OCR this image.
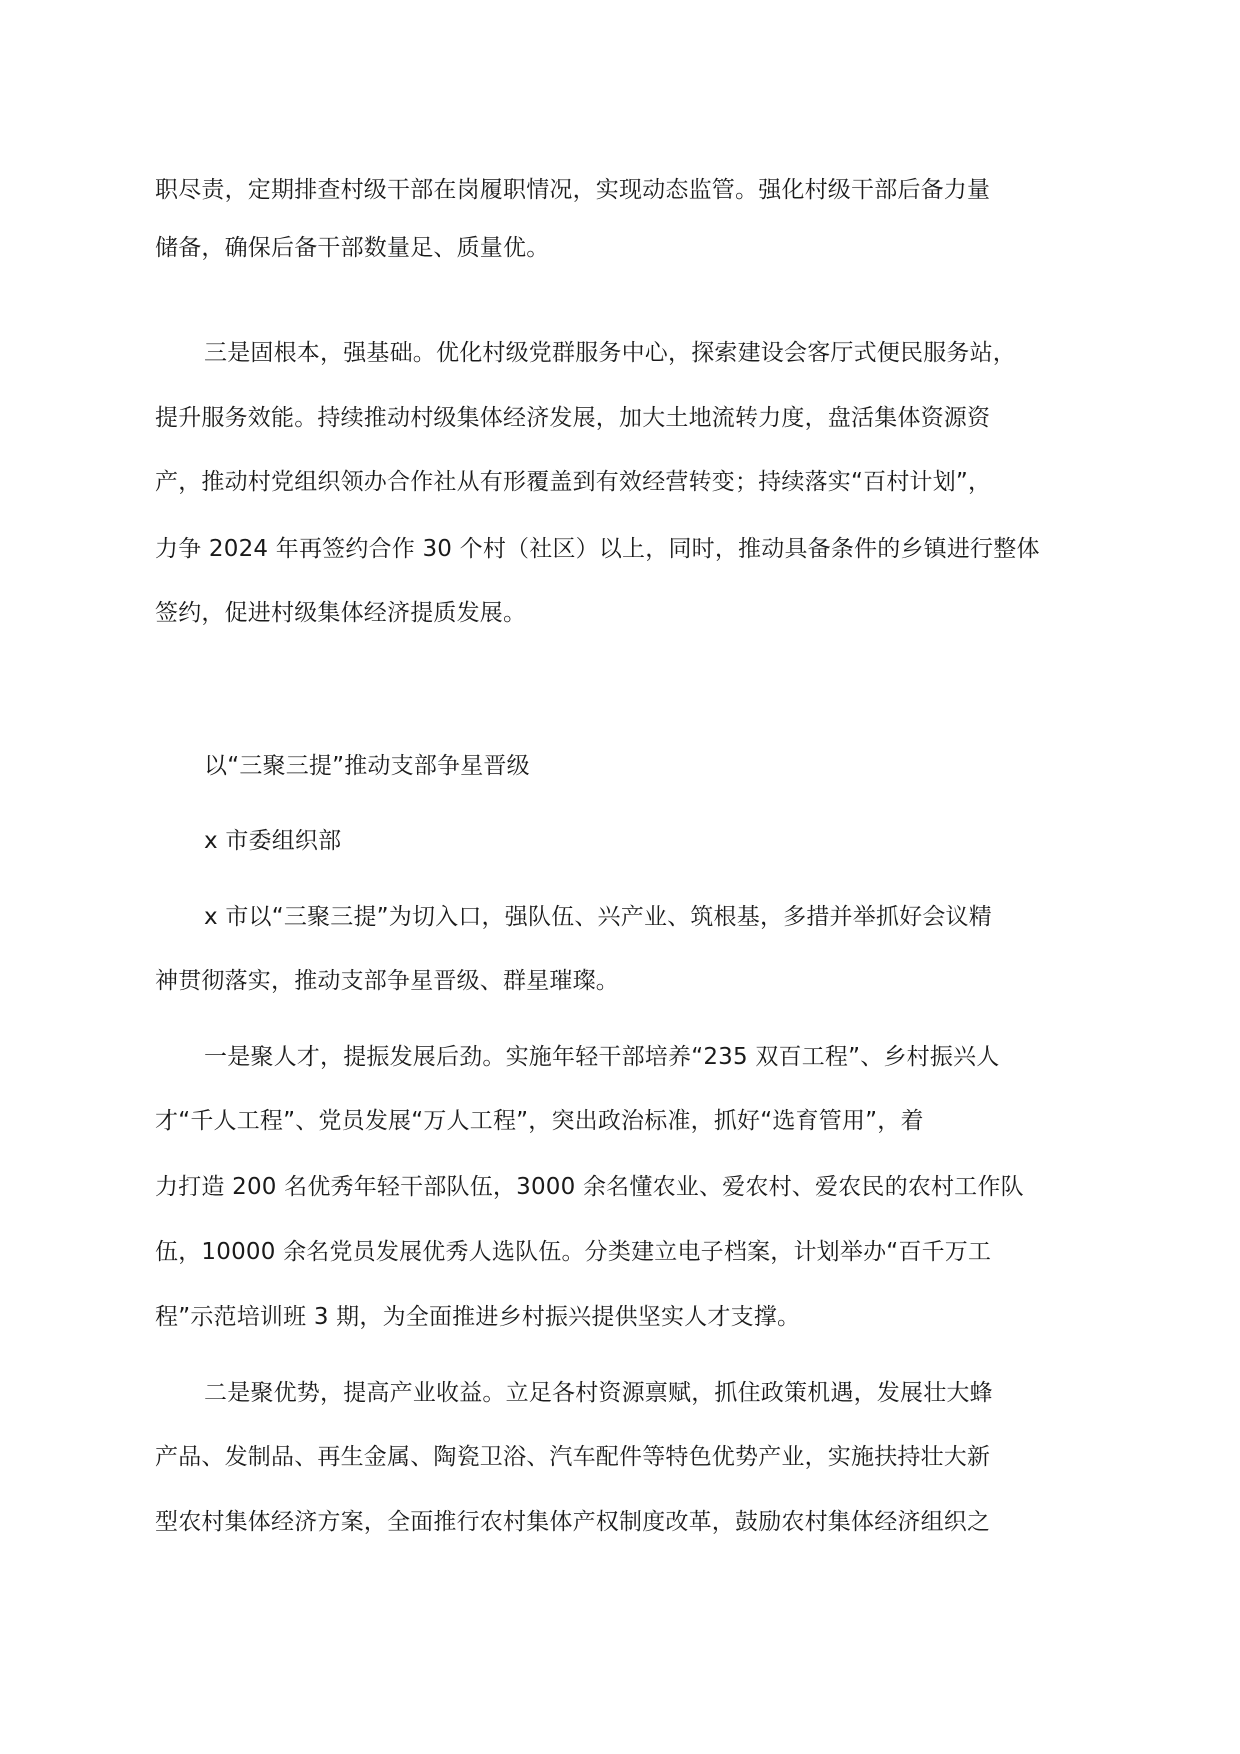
职尽责，定期排查村级干部在岗履职情况，实现动态监管。强化村级干部后备力量
储备，确保后备干部数量足、质量优。
三是固根本，强基础。优化村级党群服务中心，探索建设会客厅式便民服务站，
提升服务效能。持续推动村级集体经济发展，加大土地流转力度，盘活集体资源资
产，推动村党组织领办合作社从有形覆盖到有效经营转变；持续落实“百村计划”，
力争 2024 年再签约合作 30 个村（社区）以上，同时，推动具备条件的乡镇进行整体
签约，促进村级集体经济提质发展。
以“三聚三提”推动支部争星晋级
x 市委组织部
x 市以“三聚三提”为切入口，强队伍、兴产业、筑根基，多措并举抓好会议精
神贯彻落实，推动支部争星晋级、群星璀璨。
一是聚人才，提振发展后劲。实施年轻干部培养“235 双百工程”、乡村振兴人
才“千人工程”、党员发展“万人工程”，突出政治标准，抓好“选育管用”，着
力打造 200 名优秀年轻干部队伍，3000 余名懂农业、爱农村、爱农民的农村工作队
伍，10000 余名党员发展优秀人选队伍。分类建立电子档案，计划举办“百千万工
程”示范培训班 3 期，为全面推进乡村振兴提供坚实人才支撑。
二是聚优势，提高产业收益。立足各村资源禀赋，抓住政策机遇，发展壮大蜂
产品、发制品、再生金属、陶瓷卫浴、汽车配件等特色优势产业，实施扶持壮大新
型农村集体经济方案，全面推行农村集体产权制度改革，鼓励农村集体经济组织之
